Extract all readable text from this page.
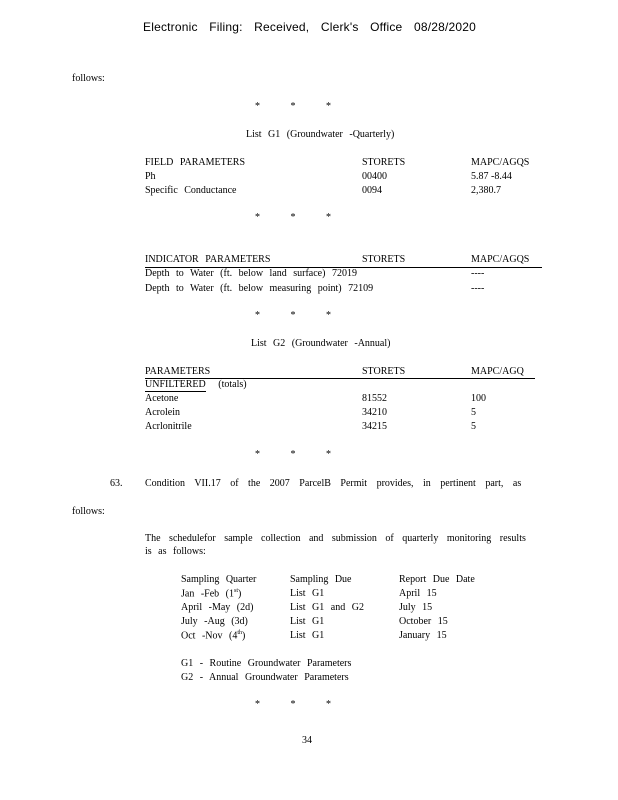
Electronic Filing: Received, Clerk's Office 08/28/2020
follows:
* * *
List G1 (Groundwater -Quarterly)
FIELD PARAMETERS	STORETS	MAPC/AGQS
Ph	00400	5.87 -8.44
Specific Conductance	0094	2,380.7
* * *
INDICATOR PARAMETERS	STORETS	MAPC/AGQS
Depth to Water (ft. below land surface) 72019	----
Depth to Water (ft. below measuring point) 72109	----
* * *
List G2 (Groundwater -Annual)
PARAMETERS	STORETS	MAPC/AGQ
UNFILTERED (totals)
Acetone	81552	100
Acrolein	34210	5
Acrlonitrile	34215	5
* * *
63. Condition VII.17 of the 2007 ParcelB Permit provides, in pertinent part, as
follows:
The schedulefor sample collection and submission of quarterly monitoring results
is as follows:
Sampling Quarter	Sampling Due	Report Due Date
Jan -Feb (1st)	List G1	April 15
April -May (2d)	List G1 and G2	July 15
July -Aug (3d)	List G1	October 15
Oct -Nov (4th)	List G1	January 15
G1 - Routine Groundwater Parameters
G2 - Annual Groundwater Parameters
* * *
34
